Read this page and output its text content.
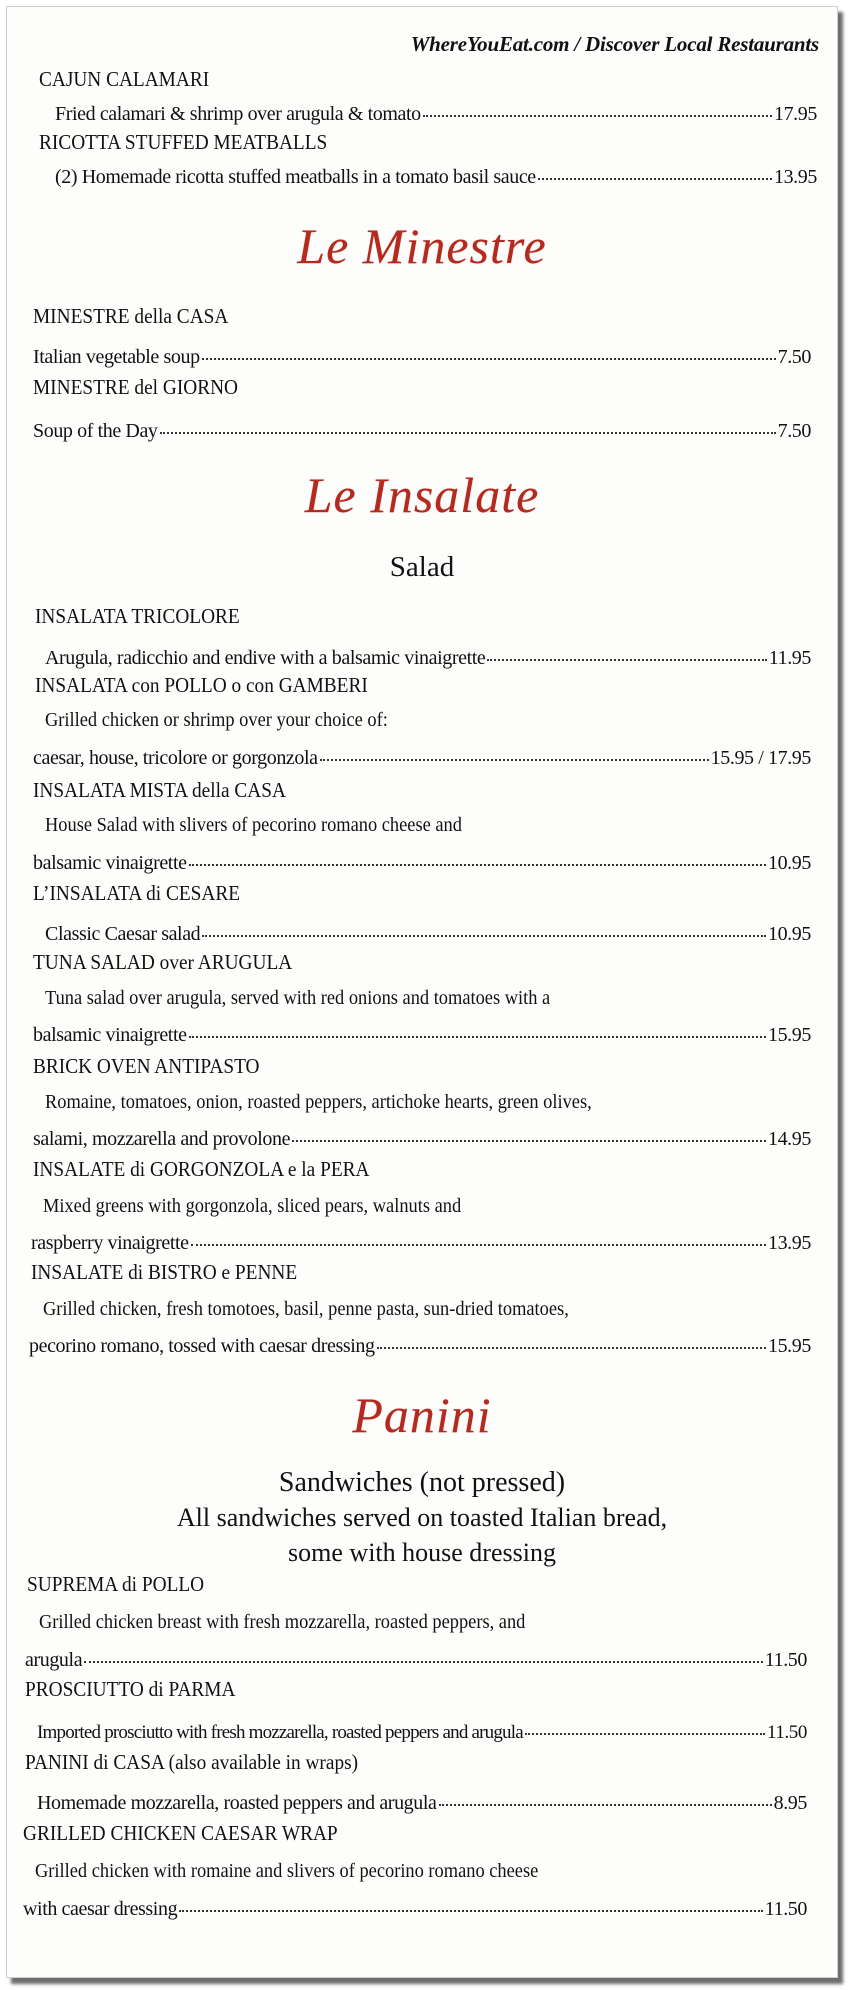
WhereYouEat.com / Discover Local Restaurants
CAJUN CALAMARI
Fried calamari & shrimp over arugula & tomato	17.95
RICOTTA STUFFED MEATBALLS
(2) Homemade ricotta stuffed meatballs in a tomato basil sauce	13.95
Le Minestre
MINESTRE della CASA
Italian vegetable soup	7.50
MINESTRE del GIORNO
Soup of the Day	7.50
Le Insalate
Salad
INSALATA TRICOLORE
Arugula, radicchio and endive with a balsamic vinaigrette	11.95
INSALATA con POLLO o con GAMBERI
Grilled chicken or shrimp over your choice of:
caesar, house, tricolore or gorgonzola	15.95 / 17.95
INSALATA MISTA della CASA
House Salad with slivers of pecorino romano cheese and
balsamic vinaigrette	10.95
L’INSALATA di CESARE
Classic Caesar salad	10.95
TUNA SALAD over ARUGULA
Tuna salad over arugula, served with red onions and tomatoes with a
balsamic vinaigrette	15.95
BRICK OVEN ANTIPASTO
Romaine, tomatoes, onion, roasted peppers, artichoke hearts, green olives,
salami, mozzarella and provolone	14.95
INSALATE di GORGONZOLA e la PERA
Mixed greens with gorgonzola, sliced pears, walnuts and
raspberry vinaigrette	13.95
INSALATE di BISTRO e PENNE
Grilled chicken, fresh tomotoes, basil, penne pasta, sun-dried tomatoes,
pecorino romano, tossed with caesar dressing	15.95
Panini
Sandwiches (not pressed)
All sandwiches served on toasted Italian bread,
some with house dressing
SUPREMA di POLLO
Grilled chicken breast with fresh mozzarella, roasted peppers, and
arugula	11.50
PROSCIUTTO di PARMA
Imported prosciutto with fresh mozzarella, roasted peppers and arugula	11.50
PANINI di CASA (also available in wraps)
Homemade mozzarella, roasted peppers and arugula	8.95
GRILLED CHICKEN CAESAR WRAP
Grilled chicken with romaine and slivers of pecorino romano cheese
with caesar dressing	11.50
